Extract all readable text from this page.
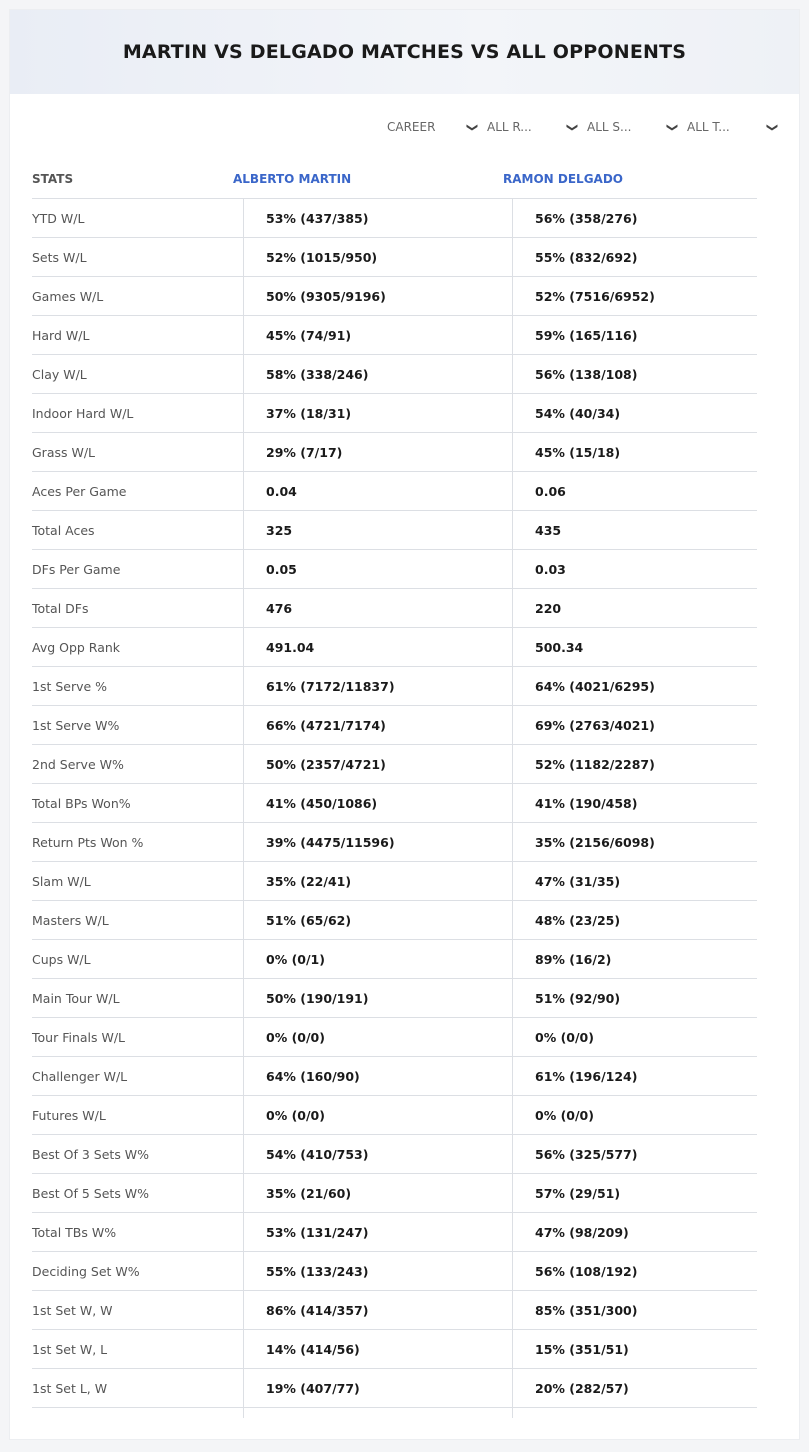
MARTIN VS DELGADO MATCHES VS ALL OPPONENTS
CAREER	❯ ALL R...	❯ ALL S...	❯ ALL T...	❯
STATS	ALBERTO MARTIN	RAMON DELGADO
YTD W/L	53% (437/385)	56% (358/276)
Sets W/L	52% (1015/950)	55% (832/692)
Games W/L	50% (9305/9196)	52% (7516/6952)
Hard W/L	45% (74/91)	59% (165/116)
Clay W/L	58% (338/246)	56% (138/108)
Indoor Hard W/L	37% (18/31)	54% (40/34)
Grass W/L	29% (7/17)	45% (15/18)
Aces Per Game	0.04	0.06
Total Aces	325	435
DFs Per Game	0.05	0.03
Total DFs	476	220
Avg Opp Rank	491.04	500.34
1st Serve %	61% (7172/11837)	64% (4021/6295)
1st Serve W%	66% (4721/7174)	69% (2763/4021)
2nd Serve W%	50% (2357/4721)	52% (1182/2287)
Total BPs Won%	41% (450/1086)	41% (190/458)
Return Pts Won %	39% (4475/11596)	35% (2156/6098)
Slam W/L	35% (22/41)	47% (31/35)
Masters W/L	51% (65/62)	48% (23/25)
Cups W/L	0% (0/1)	89% (16/2)
Main Tour W/L	50% (190/191)	51% (92/90)
Tour Finals W/L	0% (0/0)	0% (0/0)
Challenger W/L	64% (160/90)	61% (196/124)
Futures W/L	0% (0/0)	0% (0/0)
Best Of 3 Sets W%	54% (410/753)	56% (325/577)
Best Of 5 Sets W%	35% (21/60)	57% (29/51)
Total TBs W%	53% (131/247)	47% (98/209)
Deciding Set W%	55% (133/243)	56% (108/192)
1st Set W, W	86% (414/357)	85% (351/300)
1st Set W, L	14% (414/56)	15% (351/51)
1st Set L, W	19% (407/77)	20% (282/57)
